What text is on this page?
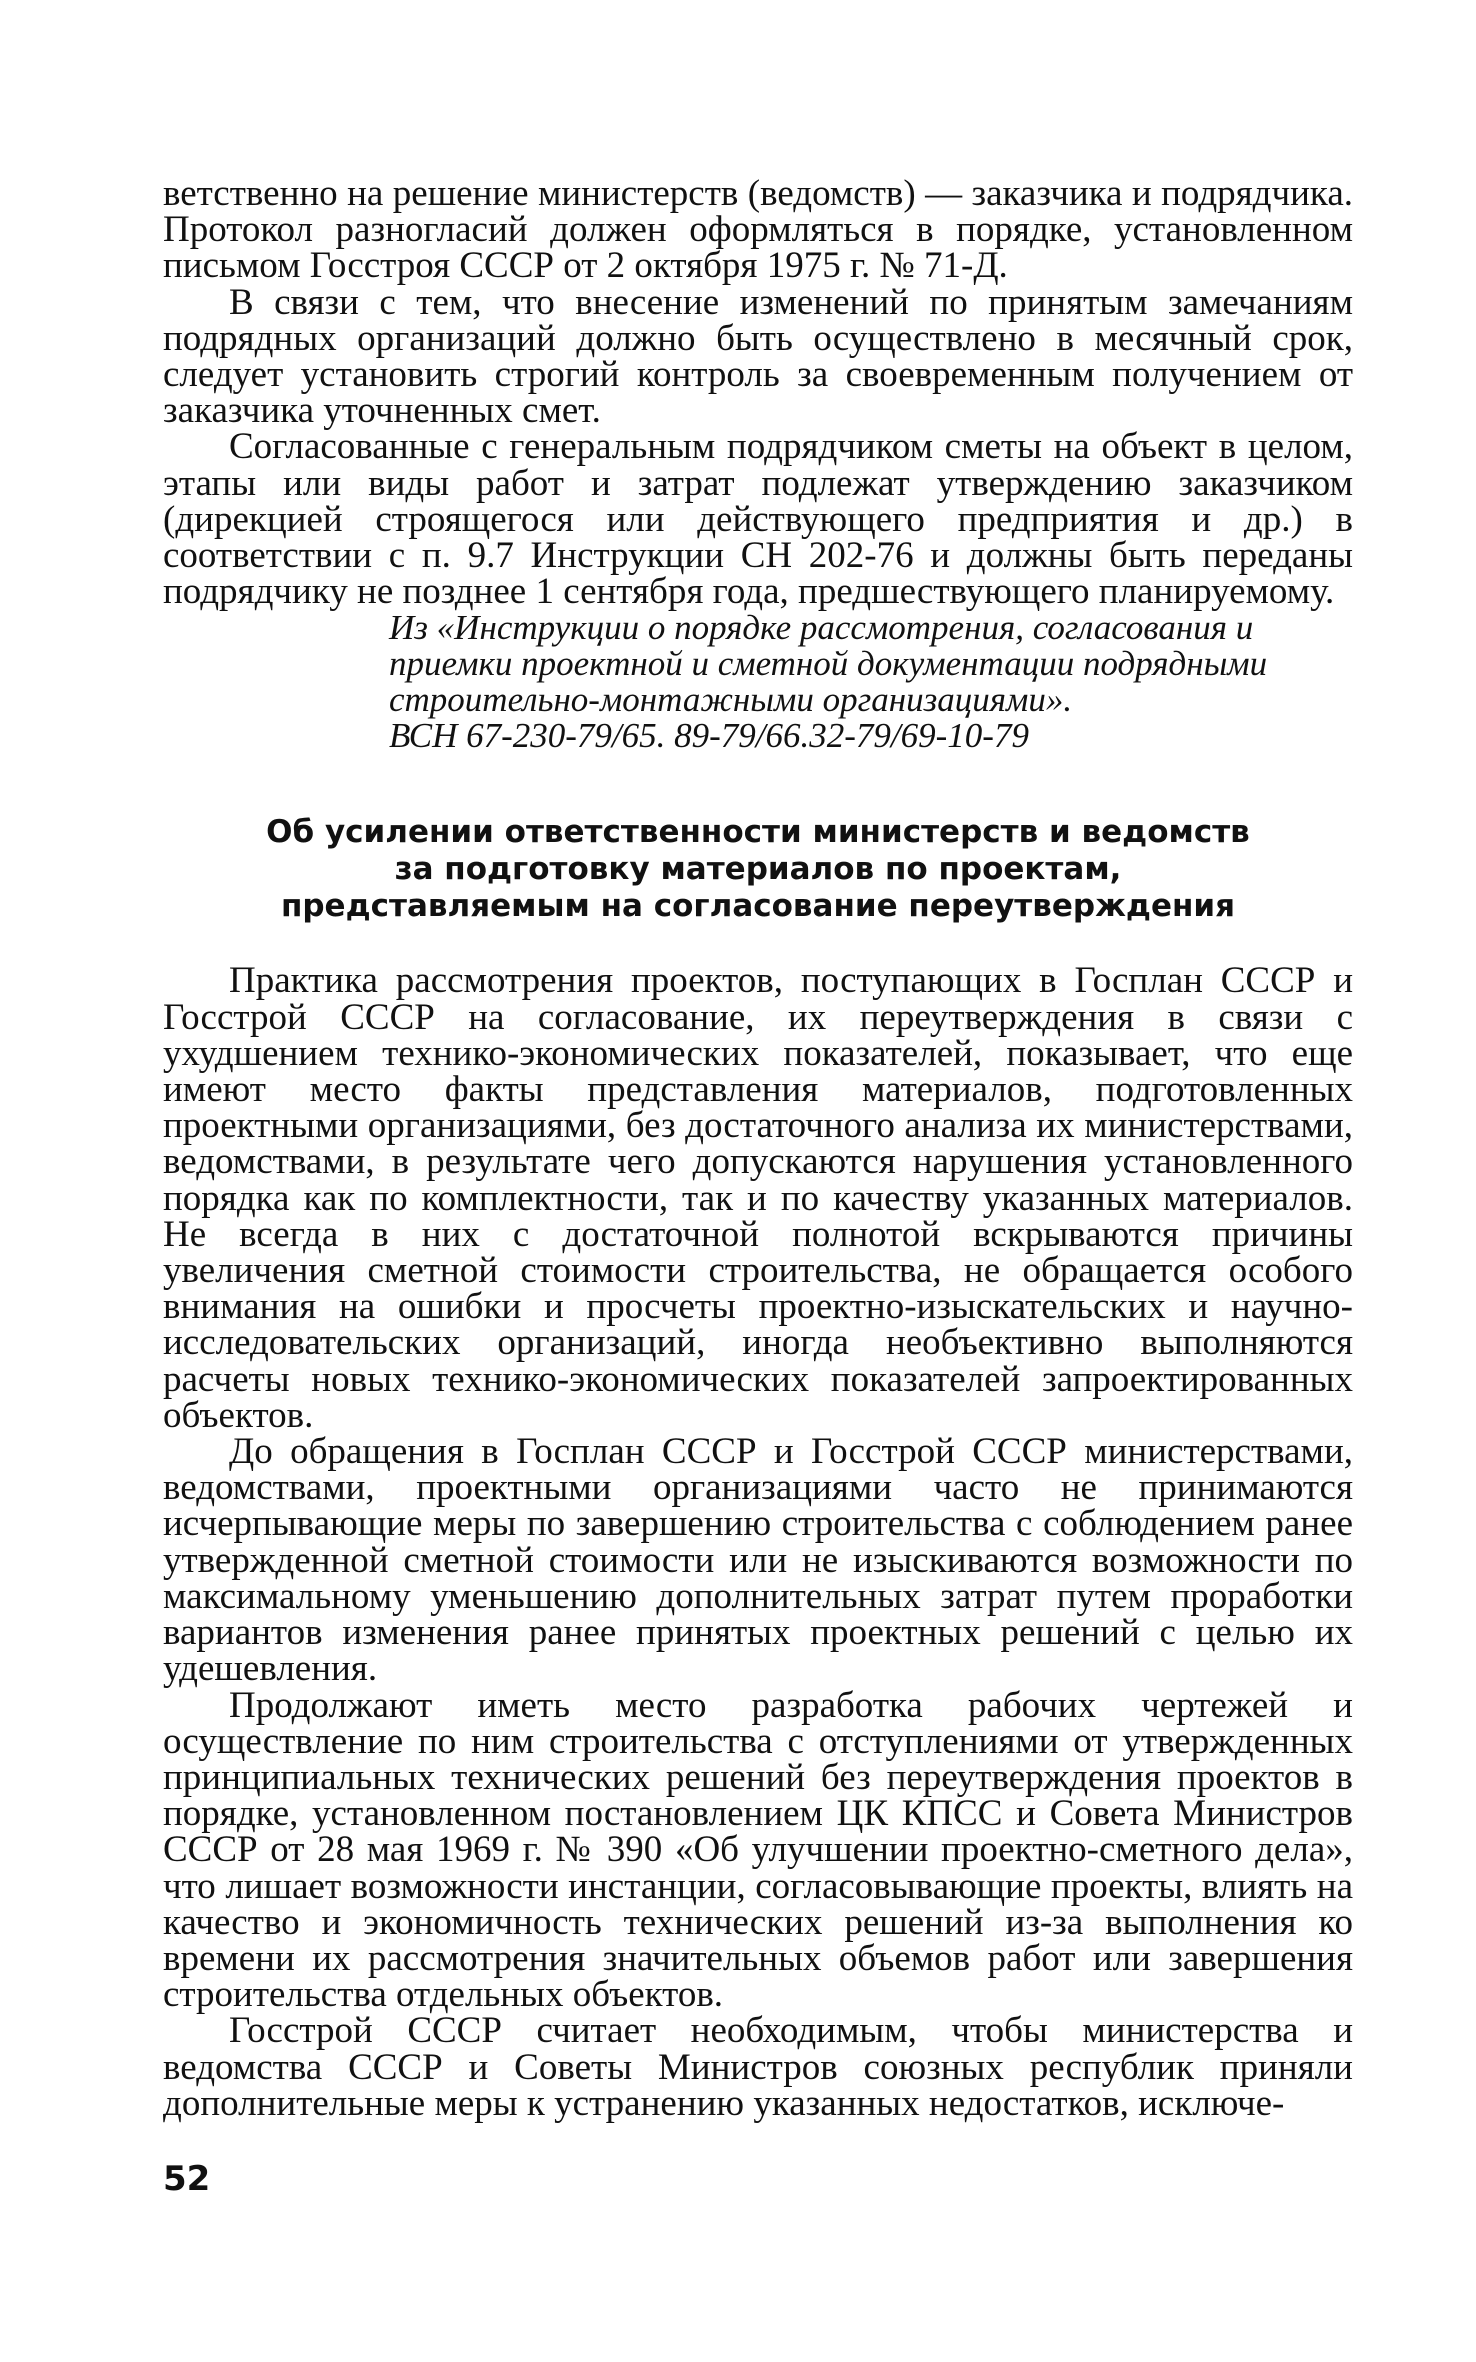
ветственно на решение министерств (ведомств) — заказчика и подрядчика. Протокол разногласий должен оформляться в порядке, установленном письмом Госстроя СССР от 2 октября 1975 г. № 71-Д.

В связи с тем, что внесение изменений по принятым замечаниям подрядных организаций должно быть осуществлено в месячный срок, следует установить строгий контроль за своевременным получением от заказчика уточненных смет.

Согласованные с генеральным подрядчиком сметы на объект в целом, этапы или виды работ и затрат подлежат утверждению заказчиком (дирекцией строящегося или действующего предприятия и др.) в соответствии с п. 9.7 Инструкции СН 202-76 и должны быть переданы подрядчику не позднее 1 сентября года, предшествующего планируемому.

Из «Инструкции о порядке рассмотрения, согласования и приемки проектной и сметной документации подрядными строительно-монтажными организациями».
ВСН 67-230-79/65. 89-79/66.32-79/69-10-79
Об усилении ответственности министерств и ведомств
за подготовку материалов по проектам,
представляемым на согласование переутверждения

Практика рассмотрения проектов, поступающих в Госплан СССР и Госстрой СССР на согласование, их переутверждения в связи с ухудшением технико-экономических показателей, показывает, что еще имеют место факты представления материалов, подготовленных проектными организациями, без достаточного анализа их министерствами, ведомствами, в результате чего допускаются нарушения установленного порядка как по комплектности, так и по качеству указанных материалов. Не всегда в них с достаточной полнотой вскрываются причины увеличения сметной стоимости строительства, не обращается особого внимания на ошибки и просчеты проектно-изыскательских и научно-исследовательских организаций, иногда необъективно выполняются расчеты новых технико-экономических показателей запроектированных объектов.

До обращения в Госплан СССР и Госстрой СССР министерствами, ведомствами, проектными организациями часто не принимаются исчерпывающие меры по завершению строительства с соблюдением ранее утвержденной сметной стоимости или не изыскиваются возможности по максимальному уменьшению дополнительных затрат путем проработки вариантов изменения ранее принятых проектных решений с целью их удешевления.

Продолжают иметь место разработка рабочих чертежей и осуществление по ним строительства с отступлениями от утвержденных принципиальных технических решений без переутверждения проектов в порядке, установленном постановлением ЦК КПСС и Совета Министров СССР от 28 мая 1969 г. № 390 «Об улучшении проектно-сметного дела», что лишает возможности инстанции, согласовывающие проекты, влиять на качество и экономичность технических решений из-за выполнения ко времени их рассмотрения значительных объемов работ или завершения строительства отдельных объектов.

Госстрой СССР считает необходимым, чтобы министерства и ведомства СССР и Советы Министров союзных республик приняли дополнительные меры к устранению указанных недостатков, исключе-

52
